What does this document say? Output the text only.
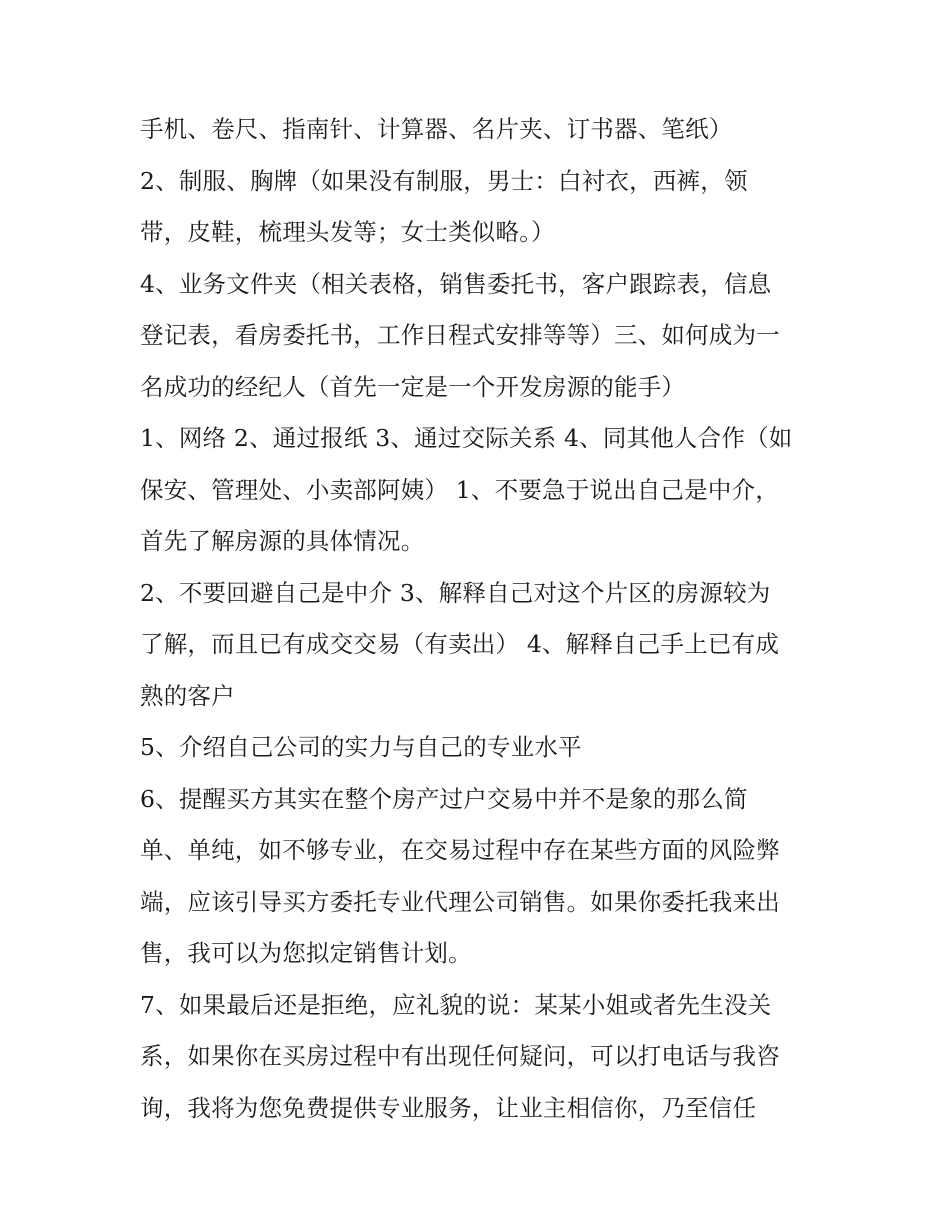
手机、卷尺、指南针、计算器、名片夹、订书器、笔纸）
2、制服、胸牌（如果没有制服，男士：白衬衣，西裤，领
带，皮鞋，梳理头发等；女士类似略。）
4、业务文件夹（相关表格，销售委托书，客户跟踪表，信息
登记表，看房委托书，工作日程式安排等等）三、如何成为一
名成功的经纪人（首先一定是一个开发房源的能手）
1、网络 2、通过报纸 3、通过交际关系 4、同其他人合作（如
保安、管理处、小卖部阿姨） 1、不要急于说出自己是中介，
首先了解房源的具体情况。
2、不要回避自己是中介 3、解释自己对这个片区的房源较为
了解，而且已有成交交易（有卖出） 4、解释自己手上已有成
熟的客户
5、介绍自己公司的实力与自己的专业水平
6、提醒买方其实在整个房产过户交易中并不是象的那么简
单、单纯，如不够专业，在交易过程中存在某些方面的风险弊
端，应该引导买方委托专业代理公司销售。如果你委托我来出
售，我可以为您拟定销售计划。
7、如果最后还是拒绝，应礼貌的说：某某小姐或者先生没关
系，如果你在买房过程中有出现任何疑问，可以打电话与我咨
询，我将为您免费提供专业服务，让业主相信你，乃至信任
